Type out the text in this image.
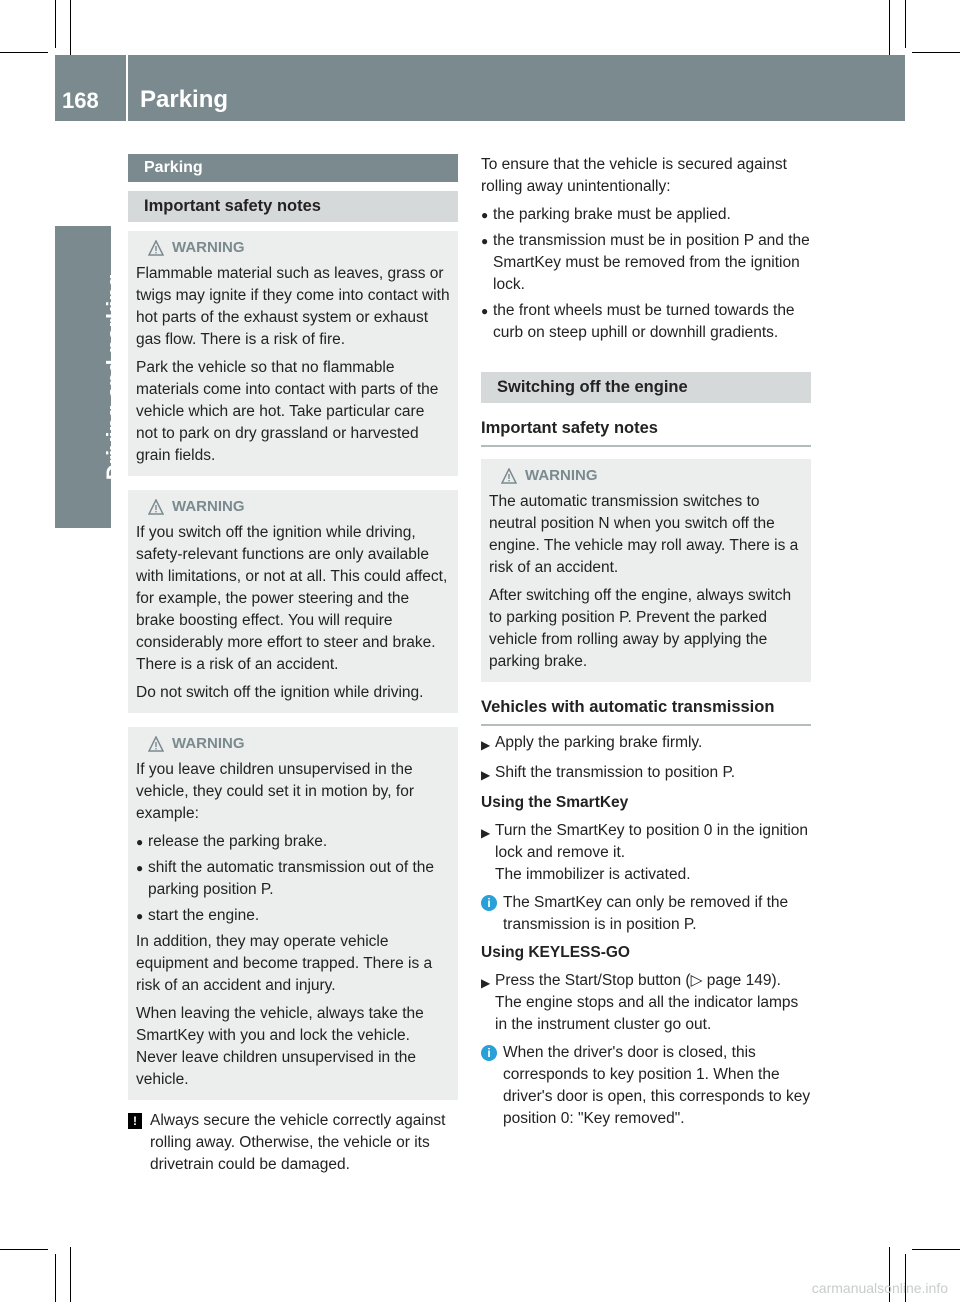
168 Parking
Driving and parking
Parking
Important safety notes
WARNING

Flammable material such as leaves, grass or twigs may ignite if they come into contact with hot parts of the exhaust system or exhaust gas flow. There is a risk of fire.

Park the vehicle so that no flammable materials come into contact with parts of the vehicle which are hot. Take particular care not to park on dry grassland or harvested grain fields.

WARNING

If you switch off the ignition while driving, safety-relevant functions are only available with limitations, or not at all. This could affect, for example, the power steering and the brake boosting effect. You will require considerably more effort to steer and brake. There is a risk of an accident.

Do not switch off the ignition while driving.

WARNING

If you leave children unsupervised in the vehicle, they could set it in motion by, for example:

● release the parking brake.
● shift the automatic transmission out of the parking position P.
● start the engine.

In addition, they may operate vehicle equipment and become trapped. There is a risk of an accident and injury.

When leaving the vehicle, always take the SmartKey with you and lock the vehicle. Never leave children unsupervised in the vehicle.

! Always secure the vehicle correctly against rolling away. Otherwise, the vehicle or its drivetrain could be damaged.
To ensure that the vehicle is secured against rolling away unintentionally:
● the parking brake must be applied.
● the transmission must be in position P and the SmartKey must be removed from the ignition lock.
● the front wheels must be turned towards the curb on steep uphill or downhill gradients.
Switching off the engine
Important safety notes
WARNING

The automatic transmission switches to neutral position N when you switch off the engine. The vehicle may roll away. There is a risk of an accident.

After switching off the engine, always switch to parking position P. Prevent the parked vehicle from rolling away by applying the parking brake.

Vehicles with automatic transmission
▶ Apply the parking brake firmly.
▶ Shift the transmission to position P.
Using the SmartKey
▶ Turn the SmartKey to position 0 in the ignition lock and remove it.
The immobilizer is activated.
i The SmartKey can only be removed if the transmission is in position P.
Using KEYLESS-GO
▶ Press the Start/Stop button (▷ page 149).
The engine stops and all the indicator lamps in the instrument cluster go out.
i When the driver's door is closed, this corresponds to key position 1. When the driver's door is open, this corresponds to key position 0: "Key removed".
carmanualsonline.info
